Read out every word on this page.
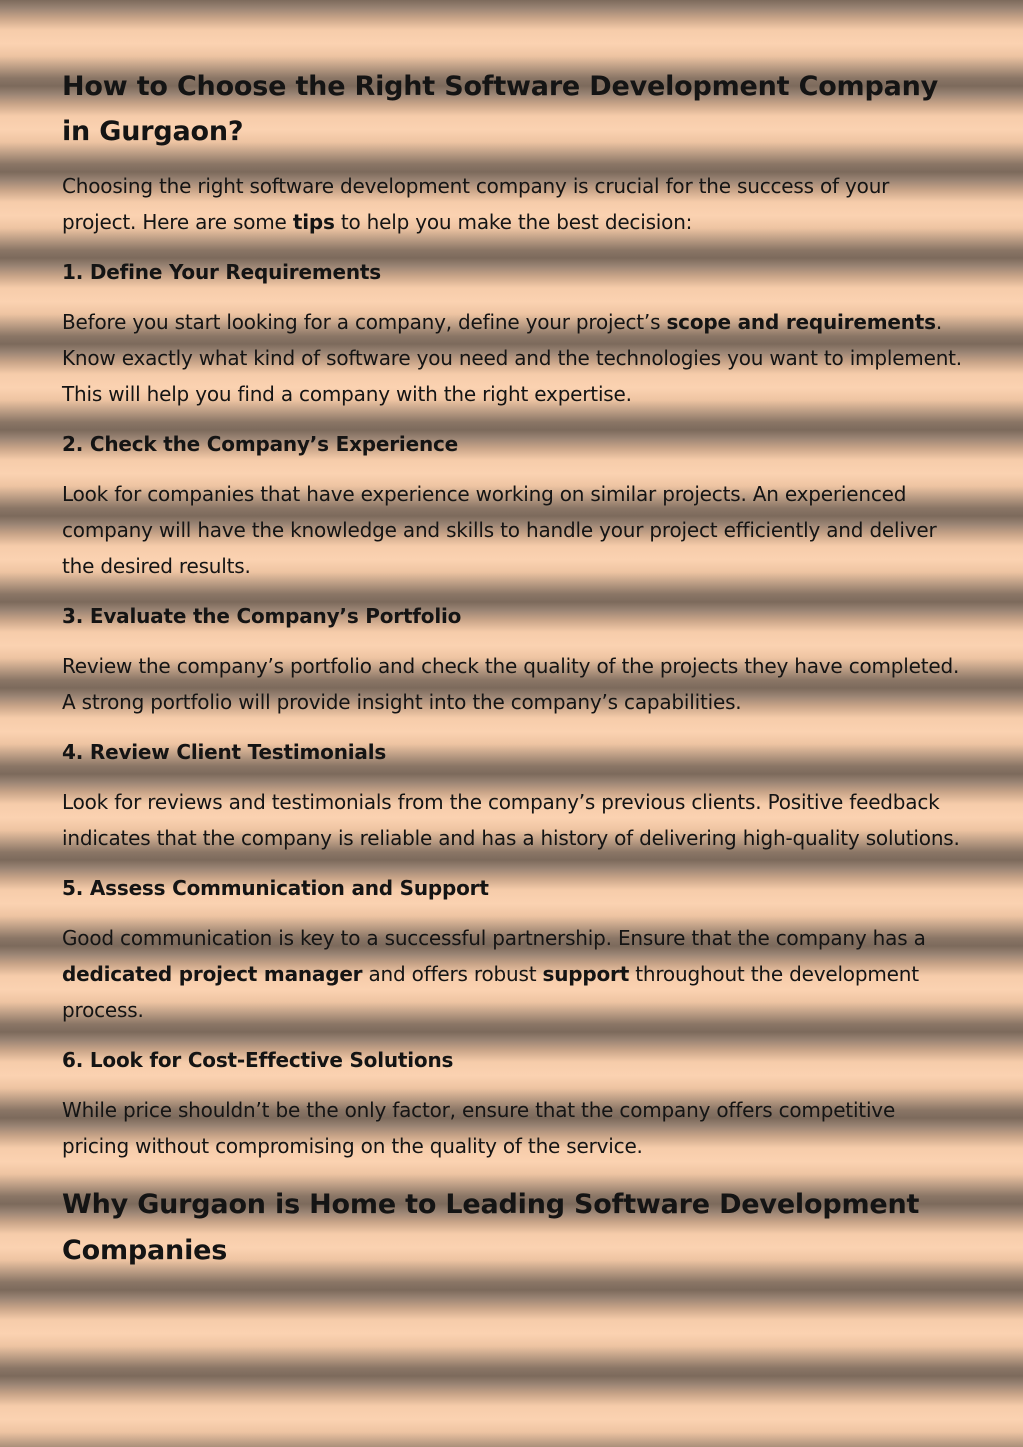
How to Choose the Right Software Development Company in Gurgaon?

Choosing the right software development company is crucial for the success of your project. Here are some tips to help you make the best decision:

1. Define Your Requirements

Before you start looking for a company, define your project’s scope and requirements. Know exactly what kind of software you need and the technologies you want to implement. This will help you find a company with the right expertise.

2. Check the Company’s Experience

Look for companies that have experience working on similar projects. An experienced company will have the knowledge and skills to handle your project efficiently and deliver the desired results.

3. Evaluate the Company’s Portfolio

Review the company’s portfolio and check the quality of the projects they have completed. A strong portfolio will provide insight into the company’s capabilities.

4. Review Client Testimonials

Look for reviews and testimonials from the company’s previous clients. Positive feedback indicates that the company is reliable and has a history of delivering high-quality solutions.

5. Assess Communication and Support

Good communication is key to a successful partnership. Ensure that the company has a dedicated project manager and offers robust support throughout the development process.

6. Look for Cost-Effective Solutions

While price shouldn’t be the only factor, ensure that the company offers competitive pricing without compromising on the quality of the service.

Why Gurgaon is Home to Leading Software Development Companies
